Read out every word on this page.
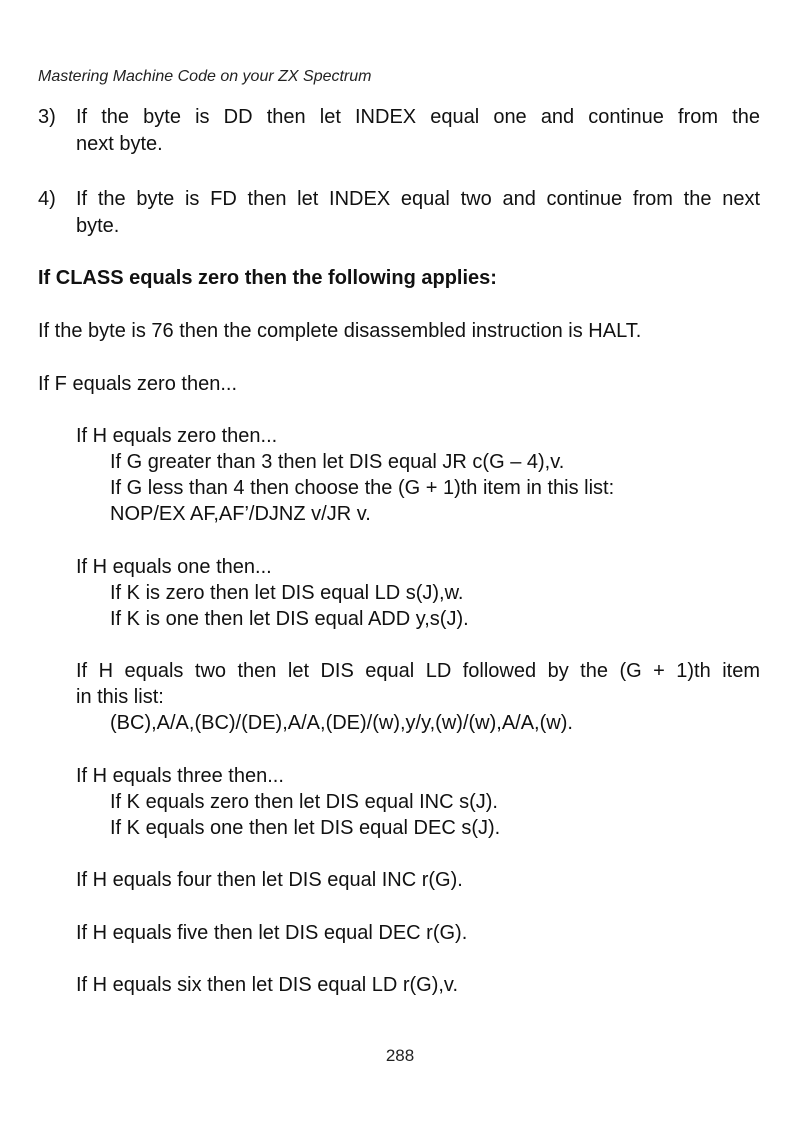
Mastering Machine Code on your ZX Spectrum
3) If the byte is DD then let INDEX equal one and continue from the
next byte.
4) If the byte is FD then let INDEX equal two and continue from the next
byte.
If CLASS equals zero then the following applies:
If the byte is 76 then the complete disassembled instruction is HALT.
If F equals zero then...
If H equals zero then...
If G greater than 3 then let DIS equal JR c(G – 4),v.
If G less than 4 then choose the (G + 1)th item in this list:
NOP/EX AF,AF’/DJNZ v/JR v.
If H equals one then...
If K is zero then let DIS equal LD s(J),w.
If K is one then let DIS equal ADD y,s(J).
If H equals two then let DIS equal LD followed by the (G + 1)th item
in this list:
(BC),A/A,(BC)/(DE),A/A,(DE)/(w),y/y,(w)/(w),A/A,(w).
If H equals three then...
If K equals zero then let DIS equal INC s(J).
If K equals one then let DIS equal DEC s(J).
If H equals four then let DIS equal INC r(G).
If H equals five then let DIS equal DEC r(G).
If H equals six then let DIS equal LD r(G),v.
288
